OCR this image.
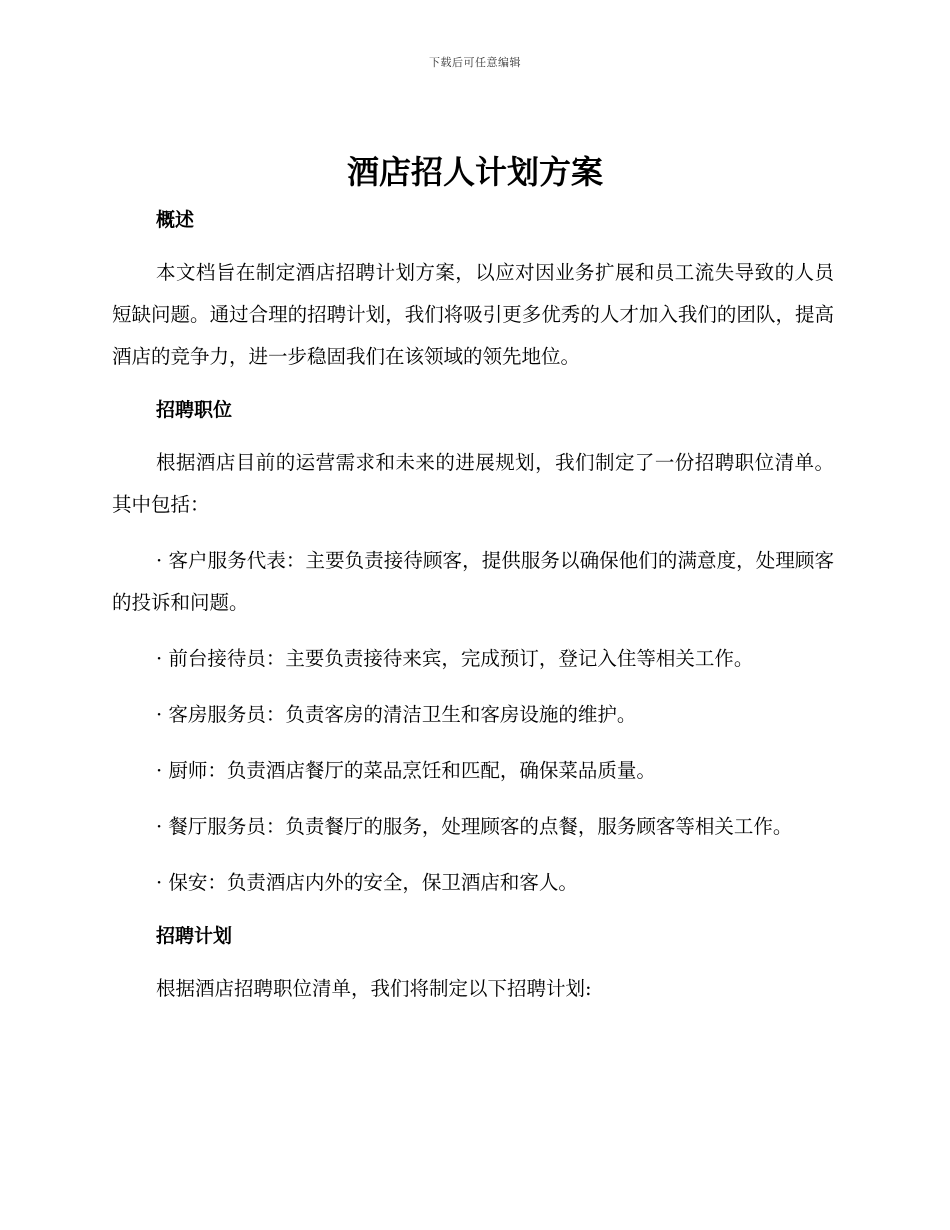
下载后可任意编辑
酒店招人计划方案

概述

本文档旨在制定酒店招聘计划方案，以应对因业务扩展和员工流失导致的人员短缺问题。通过合理的招聘计划，我们将吸引更多优秀的人才加入我们的团队，提高酒店的竞争力，进一步稳固我们在该领域的领先地位。

招聘职位

根据酒店目前的运营需求和未来的进展规划，我们制定了一份招聘职位清单。其中包括：

· 客户服务代表：主要负责接待顾客，提供服务以确保他们的满意度，处理顾客的投诉和问题。

· 前台接待员：主要负责接待来宾，完成预订，登记入住等相关工作。

· 客房服务员：负责客房的清洁卫生和客房设施的维护。

· 厨师：负责酒店餐厅的菜品烹饪和匹配，确保菜品质量。

· 餐厅服务员：负责餐厅的服务，处理顾客的点餐，服务顾客等相关工作。

· 保安：负责酒店内外的安全，保卫酒店和客人。

招聘计划

根据酒店招聘职位清单，我们将制定以下招聘计划:
